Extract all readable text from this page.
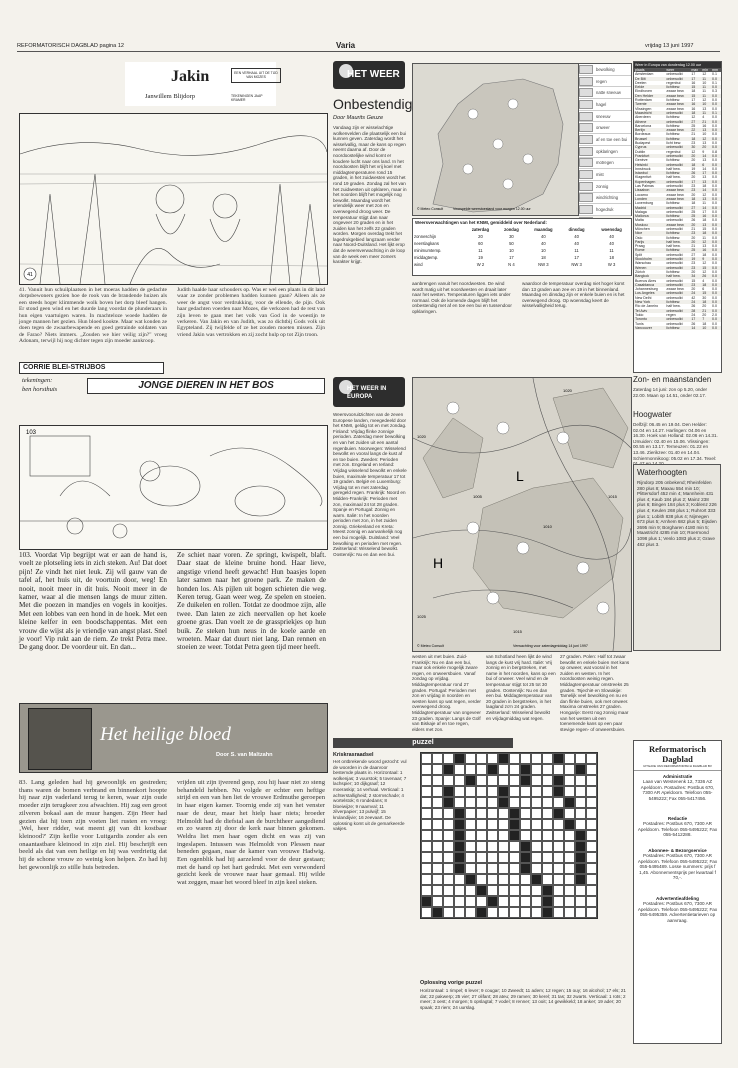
REFORMATORISCH DAGBLAD pagina 12	Varia	vrijdag 13 juni 1997
Jakin	EEN VERHAAL UIT DE TIJD VAN MOZES
Janwillem Blijdorp	TEKENINGEN JAAP KRAMER
41
41. Vanuit hun schuilplaatsen in het moeras hadden de gedachte dorpsbewoners gezien hoe de rook van de brandende huizen als een steeds hoger klimmende wolk boven het dorp bleef hangen. Er stond geen wind en het duurde lang voordat de plunderaars in hun eigen vaartuigen waren. In machteloze woede hadden de jonge mannen het gezien. Hun bloed kookte. Maar wat konden ze doen tegen de zwaarbewapende en goed getrainde soldaten van de Farao? Niets immers. „Zouden we hier veilig zijn?" vroeg Adonam, terwijl hij nog dichter tegen zijn moeder aankroop.
Judith haalde haar schouders op. Was er wel een plaats in dit land waar ze zonder problemen hadden kunnen gaan? Alleen als ze weer de angst voor verdrukking, voor de ellende, de pijn. Ook haar gedachten voerden naar Mozes, die verkozen had de rest van zijn leven te gaan met het volk van God in de woestijn te verkeren. Van Jakin en van Judith, was zo dichtbij Gods volk uit Egypteland. Zij twijfelde of ze het zouden moeten missen. Zijn vriend Jakin was vertrokken en zij zocht hulp op tot Zijn troon.
CORRIE BLEI-STRIJBOS
tekeningen:
ben horsthuis	JONGE DIEREN IN HET BOS
103
103. Voordat Vip begrijpt wat er aan de hand is, voelt ze plotseling iets in zich steken. Au! Dat doet pijn! Ze vindt het niet leuk. Zij wil gauw van de tafel af, het huis uit, de voortuin door, weg! En nooit, nooit meer in dit huis. Nooit meer in de kamer, waar al die mensen langs de muur zitten. Met die poezen in mandjes en vogels in kooitjes. Met een lobbes van een hond in de hoek. Met een kleine kelfer in een boodschappentas. Met een vrouw die wijst als je vriendje van angst plast. Snel je voor! Vip rukt aan de riem. Ze trekt Petra mee. De gang door. De voordeur uit. En dan...
Ze schiet naar voren. Ze springt, kwispelt, blaft. Daar staat de kleine bruine hond. Haar lieve, angstige vriend heeft gewacht! Hun baasjes lopen later samen naar het groene park. Ze maken de honden los. Als pijlen uit bogen schieten die weg. Keren terug. Gaan weer weg. Ze spelen en stoeien. Ze duikelen en rollen. Totdat ze doodmoe zijn, alle twee. Dan laten ze zich neervallen op het koele groene gras. Dan voelt ze de grasspriekjes op hun buik. Ze steken hun neus in de koele aarde en wroeten. Maar dat duurt niet lang. Dan rennen en stoeien ze weer. Totdat Petra geen tijd meer heeft.
Het heilige bloed
Door S. van Maltzahn
83. Lang geleden had hij gewoonlijk en gestreden; thans waren de bomen verbrand en binnenkort hoopte hij naar zijn vaderland terug te keren, waar zijn oude moeder zijn terugkeer zou afwachten. Hij zag een groot zilveren bokaal aan de muur hangen. Zijn Heer had gezien dat hij toen zijn voeten liet rusten en vroeg: ‚Wel, heer ridder, wat meent gij van dit kostbaar kleinood?' Zijn keflie voor Luitgardis zonder als een onaantastbare kleinood in zijn ziel. Hij beschrijft een beeld als dat van een heilige en hij was verdrietig dat hij de schone vrouw zo weinig kon helpen. Zo had hij het gewoonlijk zo stille huis betreden.
vrijden uit zijn ijverend gesp, zou hij haar niet zo steng behandeld hebben. Nu volgde er echter een heftige strijd en een van hen liet de vrouwe Erdmuthe geroepen in haar eigen kamer. Toornig ende zij van het venster naar de deur, maar het hielp haar niets; broeder Helmoldt had de diefstal aan de burchtheer aangediend en zo waren zij door de kerk naar binnen gekomen. Weldra liet men haar ogen dicht en was zij van ingeslapen. Intussen was Helmoldt von Plessen naar beneden gegaan, naar de kamer van vrouwe Hadwig. Een ogenblik had hij aarzelend voor de deur gestaan; met de hand op het hart gedrukt. Met een verwonderd gezicht keek de vrouwe naar haar gemaal. Hij wilde wat zeggen, maar het woord bleef in zijn keel steken.
HET WEER
Onbestendig
Door Maurits Geuze
Vandaag zijn er wisselachtige wolkenvelden die plaatselijk een bui kunnen geven. Zaterdag wordt het wisselvallig, maar de kans op regen neemt daarna af. Door de noordoostelijke wind komt er koudere lucht naar ons land. In het noordoosten blijft het vrij koel met middagtemperaturen rond 15 graden, in het zuidwesten wordt het rond 19 graden. Zondag zal het van het zuidwesten uit opklaren, maar in het noorden blijft het mogelijk nog bewolkt. Maandag wordt het vriendelijk weer met zon en overwegend droog weer. De temperatuur stijgt dan naar ongeveer 20 graden en in het zuiden kan het zelfs 22 graden worden. Morgen overdag trekt het lagedrukgebied langzaam verder naar Noord-Duitsland. Het lijkt erop dat de weersverwachting in de loop van de week een meer zomers karakter krijgt.
© Meteo Consult	Voorspelde weerstoestand voor morgen 12.00 uur
bewolking
regen
natte sneeuw
hagel
sneeuw
onweer
af en toe een bui
opklaringen
motregen
mist
zonnig
windrichting
hogedruk
Weersverwachtingen van het KNMI, gemiddeld over Nederland:
	zaterdag	zondag	maandag	dinsdag	woensdag
zonneschijn	20	30	40	40	40
neerslagkans	60	50	40	40	40
minimumtemp.	11	10	10	11	11
middagtemp.	19	17	18	17	18
wind	W 2	N 4	NW 3	NW 3	W 3
aanbrengen vanuit het noordwesten. De wind wordt matig uit het noordwesten en draait later naar het westen. Temperaturen liggen iets onder normaal. Ook de komende dagen blijft het onbestendig met af en toe een bui en tussendoor opklaringen.
waardoor de temperatuur overdag niet hoger komt dan 13 graden aan zee en 19 in het binnenland. Maandag en dinsdag zijn er enkele buien en is het overwegend droog. Op woensdag keert de wisselvalligheid terug.
HET WEER IN EUROPA
Weersvooruitzichten van de zeven Europese landen, meegedeeld door het KNMI, geldig tot en met zondag. Finland: Vrijdag flinke zonnige perioden. Zaterdag meer bewolking en van het zuiden uit een aantal regenbuien. Noorwegen: Wisselend bewolkt en vooral langs de kust af en toe buien. Zweden: Perioden met zon. Engeland en Ierland: Vrijdag wisselend bewolkt en enkele buien, maximale temperatuur 17 tot 19 graden. België en Luxemburg: Vrijdag tot en met zaterdag geregeld regen. Frankrijk: Noord en Midden-Frankrijk: Perioden met zon, maximaal 24 tot 28 graden. Spanje en Portugal: Zonnig en warm. Italië: In het noorden perioden met zon, in het zuiden zonnig. Griekenland en Kreta: Meest zonnig en aanvankelijk nog een bui mogelijk. Duitsland: Veel bewolking en perioden met regen. Zwitserland: Wisselend bewolkt. Oostenrijk: Nu en dan een bui.
L
H
1020
1025
1020
1015
1010
1005
1015
© Meteo Consult	Verwachting voor zaterdagmiddag 14 juni 1997
westen uit met buien. Zuid-Frankrijk: Nu en dan een bui, maar ook enkele mogelijk zware regen, en onweersbuien. Vanaf zondag op vrijdag. Middagtemperatuur rond 27 graden. Portugal: Perioden met zon en vrijdag in noorden en westen kans op wat regen, verder overwegend droog. Middagtemperatuur van ongeveer 23 graden. Spanje: Langs de Golf van Biskaje af en toe regen, elders met zon.
van Schotland heen lijkt de wind langs de kust vrij hard. Italië: Vrij zonnig en in bergstreken, met name in het noorden, kans op een bui of onweer. Veel wind en de temperatuur stijgt tot 25 tot 30 graden. Oostenrijk: Nu en dan een bui. Middagtemperatuur van 20 graden in bergstreken, in het laagland zo'n 24 graden. Zwitserland: Wisselend bewolkt en vrijdagmiddag wat regen.
27 graden. Polen: Half tot zwaar bewolkt en enkele buien met kans op onweer, wat vooral in het zuiden en westen. In het noordoosten weinig regen. Middagtemperatuur omstreeks 25 graden. Tsjechië en Slowakije: Tamelijk veel bewolking en nu en dan flinke buien, ook met onweer. Maxima omstreeks 27 graden. Hongarije: Eerst nog zonnig maar van het westen uit een toenemende kans op een paar stevige regen- of onweersbuien.
Weer in Europa van donderdag 12.00 uur
plaats	weer	max	min	mm
Amsterdam	onbewolkt	17	12	0.1
De Bilt	onbewolkt	17	11	0.0
Deelen	regenbui	16	10	0.1
Eelde	lichtbew.	15	11	0.0
Eindhoven	zwaar bew.	18	11	0.3
Den Helder	zwaar bew.	15	11	0.0
Rotterdam	lichtbew.	17	12	0.0
Twente	zwaar bew.	16	10	0.0
Vlissingen	zwaar bew.	16	13	0.0
Maastricht	onbewolkt	18	11	0.1
Aberdeen	lichtbew.	12	4	0.0
Athene	onbewolkt	27	21	0.0
Barcelona	lichtbew.	25	16	0.0
Berlijn	zwaar bew.	22	13	0.0
Bordeaux	lichtbew.	21	10	0.0
Brussel	lichtbew.	18	12	0.0
Budapest	licht bew.	23	13	0.0
Cyprus	onbewolkt	30	20	0.0
Dublin	regenbui	12	9	0.8
Frankfurt	onbewolkt	20	14	0.0
Genève	lichtbew.	20	13	0.0
Helsinki	onbewolkt	18	6	0.0
Innsbruck	half bew.	19	14	0.0
Istanbul	lichtbew.	26	17	0.0
Klagenfurt	half bew.	20	13	0.0
Kopenhagen	onbewolkt	17	13	0.0
Las Palmas	onbewolkt	23	18	0.0
Lissabon	zwaar bew.	23	14	0.0
Locarno	zwaar bew.	20	12	0.0
Londen	zwaar bew.	18	13	0.0
Luxemburg	lichtbew.	18	11	0.0
Madrid	onbewolkt	27	14	0.0
Malaga	onbewolkt	25	17	0.0
Mallorca	lichtbew.	25	16	0.0
Malta	onbewolkt	26	18	0.0
Moskou	zwaar bew.	20	13	0.0
München	onbewolkt	21	15	0.0
Nice	lichtbew.	23	18	0.0
Oslo	lichtbew.	20	11	0.0
Parijs	half bew.	20	12	0.0
Praag	half bew.	21	13	0.0
Rome	lichtbew.	25	16	0.0
Split	onbewolkt	27	18	0.0
Stockholm	onbewolkt	19	9	0.0
Warschau	onbewolkt	23	12	0.0
Wenen	onbewolkt	23	15	0.0
Zürich	lichtbew.	20	12	0.0
Bangkok	half bew.	34	26	0.0
Buenos Aires	onbewolkt	15	4	0.0
Casablanca	onbewolkt	23	18	0.0
Johannesburg	zwaar bew.	20	6	0.0
Los Angeles	onbewolkt	24	15	0.0
New Delhi	onbewolkt	42	30	0.0
New York	lichtbew.	24	18	0.0
Rio de Janeiro	half bew.	26	20	0.0
Tel Aviv	onbewolkt	28	21	0.0
Tokio	regen	24	20	2.0
Toronto	onbewolkt	17	7	0.0
Tunis	onbewolkt	26	18	0.0
Vancouver	lichtbew.	14	10	0.0
Zon- en maanstanden
Zaterdag 14 juni: zon op 5.20, onder 22.00. Maan op 14.51, onder 02.17.
Hoogwater
Delfzijl: 06.45 en 19.04. Den Helder: 02.04 en 14.27. Harlingen: 04.06 en 16.30. Hoek van Holland: 02.06 en 14.31. IJmuiden: 02.40 en 15.06. Vlissingen: 00.55 en 13.17. Terneuzen: 01.22 en 13.46. Zierikzee: 01.40 en 14.04. Schiermonnikoog: 05.02 en 17.34. Texel:
Waterhoogten
Rijndorp 205 onbekend; Rheinfelden 280 plus 8; Maxau 554 min 10; Plittersdorf 452 min 4; Mannheim 431 plus 4; Kaub 184 plus 2; Mainz 238 plus 6; Bingen 184 plus 3; Koblenz 226 plus 4; Keulen 268 plus 1; Ruhrort 333 plus 1; Lobith 838 plus 4; Nijmegen 673 plus 5; Arnhem 682 plus 5; Eijsden 2695 min 9; Borgharen 4180 min 5; Maastricht 4285 min 10; Roermond 1098 plus 1; Venlo 1083 plus 2; Grave 482 plus 3.
puzzel
Kriskrasraadsel
Het ontbrekende woord gezocht: vul de woorden in de daarvoor bestemde plaats in. Horizontaal: 1 wolkenjas; 3 vuurstok; 5 tovenaar; 7 lachspier; 10 dijkgraaf; 12 moeraskip; 14 verhaal. Verticaal: 1 achterstalligheid; 2 stormschade; 4 wortelstok; 6 rondedans; 8 bloeiwijze; 9 naamval; 11 zilverpapier; 13 pulwijf; 15 krulandijvie; 16 zeevaart. De oplossing komt uit de gemarkeerde vakjes.
Oplossing vorige puzzel
Horizontaal: 1 rimpel; 6 lever; 9 cougar; 10 Zweedt; 11 adem; 12 regen; 15 ouy; 16 alcohol; 17 els; 21 dat; 22 pakwerp; 25 vier; 27 olifant; 28 ateu; 29 ramen; 30 kerel; 31 tas; 32 zwarts. Verticaal: 1 rots; 2 meer; 3 oest; 4 morgen; 5 opslagtal; 7 vodel; 8 renner; 13 ooit; 14 gewikkeld; 18 anker; 19 ader; 20 spaak; 23 riem; 24 uurslag.
Reformatorisch Dagblad
UITGAVE VAN REFORMATORISCH DAGBLAD BV
Administratie
Laan van Westenenk 12, 7336 AZ Apeldoorn. Postadres: Postbus 670, 7300 AR Apeldoorn. Telefoon 055-5495222; Fax 055-5417456.
Redactie
Postadres: Postbus 670, 7300 AR Apeldoorn. Telefoon 055-5495222; Fax 055-5412288.
Abonnee- & Bezorgservice
Postadres: Postbus 670, 7300 AR Apeldoorn. Telefoon 055-5495222; Fax 055-5495489. Losse nummers: prijs f 1,45. Abonnementsprijs per kwartaal f 70,-.
Advertentieafdeling
Postadres: Postbus 670, 7300 AR Apeldoorn. Telefoon 055-5495222; Fax 055-5495359. Advertentietarieven op aanvraag.
